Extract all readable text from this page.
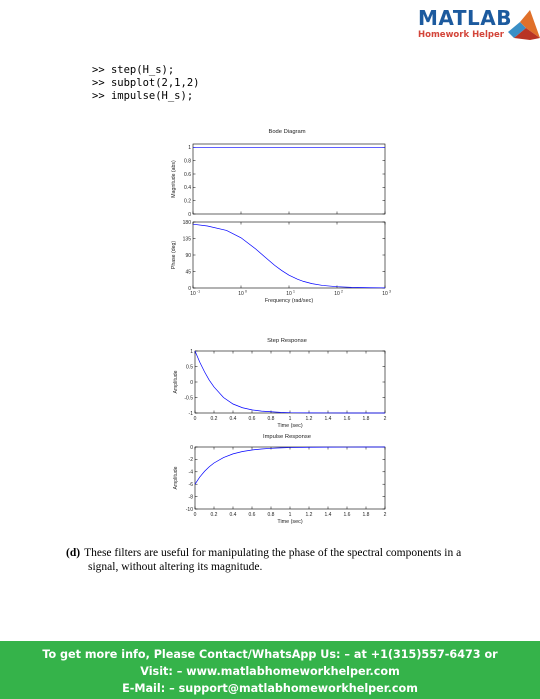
MATLAB
Homework Helper
>> step(H_s);
>> subplot(2,1,2)
>> impulse(H_s);
Bode Diagram
0
0.2
0.4
0.6
0.8
1
Magnitude (abs)
0
45
90
135
180
10 -1	10 0	10 1	10 2	10 3
Phase (deg)
Frequency (rad/sec)
Step Response
-1
-0.5
0
0.5
1
0	0.2 0.4 0.6 0.8	1	1.2 1.4 1.6 1.8	2
Amplitude
Time (sec)
Impulse Response
-10
-8
-6
-4
-2
0
0	0.2 0.4 0.6 0.8	1	1.2 1.4 1.6 1.8	2
Amplitude
Time (sec)
(d) These filters are useful for manipulating the phase of the spectral components in a
signal, without altering its magnitude.
To get more info, Please Contact/WhatsApp Us: – at +1(315)557-6473 or
Visit: – www.matlabhomeworkhelper.com
E-Mail: – support@matlabhomeworkhelper.com
